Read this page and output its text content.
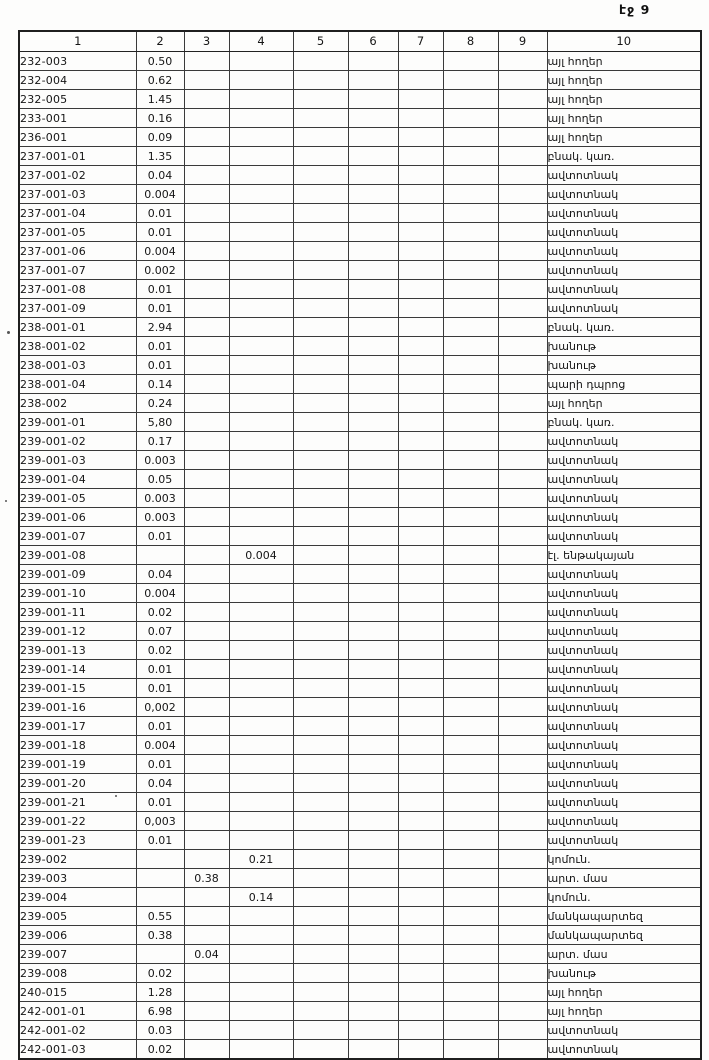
էջ 9
1	2	3	4	5	6	7	8	9	10
232-003	0.50								այլ հողեր
232-004	0.62								այլ հողեր
232-005	1.45								այլ հողեր
233-001	0.16								այլ հողեր
236-001	0.09								այլ հողեր
237-001-01	1.35								բնակ. կառ.
237-001-02	0.04								ավտոտնակ
237-001-03	0.004								ավտոտնակ
237-001-04	0.01								ավտոտնակ
237-001-05	0.01								ավտոտնակ
237-001-06	0.004								ավտոտնակ
237-001-07	0.002								ավտոտնակ
237-001-08	0.01								ավտոտնակ
237-001-09	0.01								ավտոտնակ
238-001-01	2.94								բնակ. կառ.
238-001-02	0.01								խանութ
238-001-03	0.01								խանութ
238-001-04	0.14								պարի դպրոց
238-002	0.24								այլ հողեր
239-001-01	5,80								բնակ. կառ.
239-001-02	0.17								ավտոտնակ
239-001-03	0.003								ավտոտնակ
239-001-04	0.05								ավտոտնակ
239-001-05	0.003								ավտոտնակ
239-001-06	0.003								ավտոտնակ
239-001-07	0.01								ավտոտնակ
239-001-08			0.004						էլ. ենթակայան
239-001-09	0.04								ավտոտնակ
239-001-10	0.004								ավտոտնակ
239-001-11	0.02								ավտոտնակ
239-001-12	0.07								ավտոտնակ
239-001-13	0.02								ավտոտնակ
239-001-14	0.01								ավտոտնակ
239-001-15	0.01								ավտոտնակ
239-001-16	0,002								ավտոտնակ
239-001-17	0.01								ավտոտնակ
239-001-18	0.004								ավտոտնակ
239-001-19	0.01								ավտոտնակ
239-001-20	0.04								ավտոտնակ
239-001-21	0.01								ավտոտնակ
239-001-22	0,003								ավտոտնակ
239-001-23	0.01								ավտոտնակ
239-002			0.21						կոմուն.
239-003		0.38							արտ. մաս
239-004			0.14						կոմուն.
239-005	0.55								մանկապարտեզ
239-006	0.38								մանկապարտեզ
239-007		0.04							արտ. մաս
239-008	0.02								խանութ
240-015	1.28								այլ հողեր
242-001-01	6.98								այլ հողեր
242-001-02	0.03								ավտոտնակ
242-001-03	0.02								ավտոտնակ
